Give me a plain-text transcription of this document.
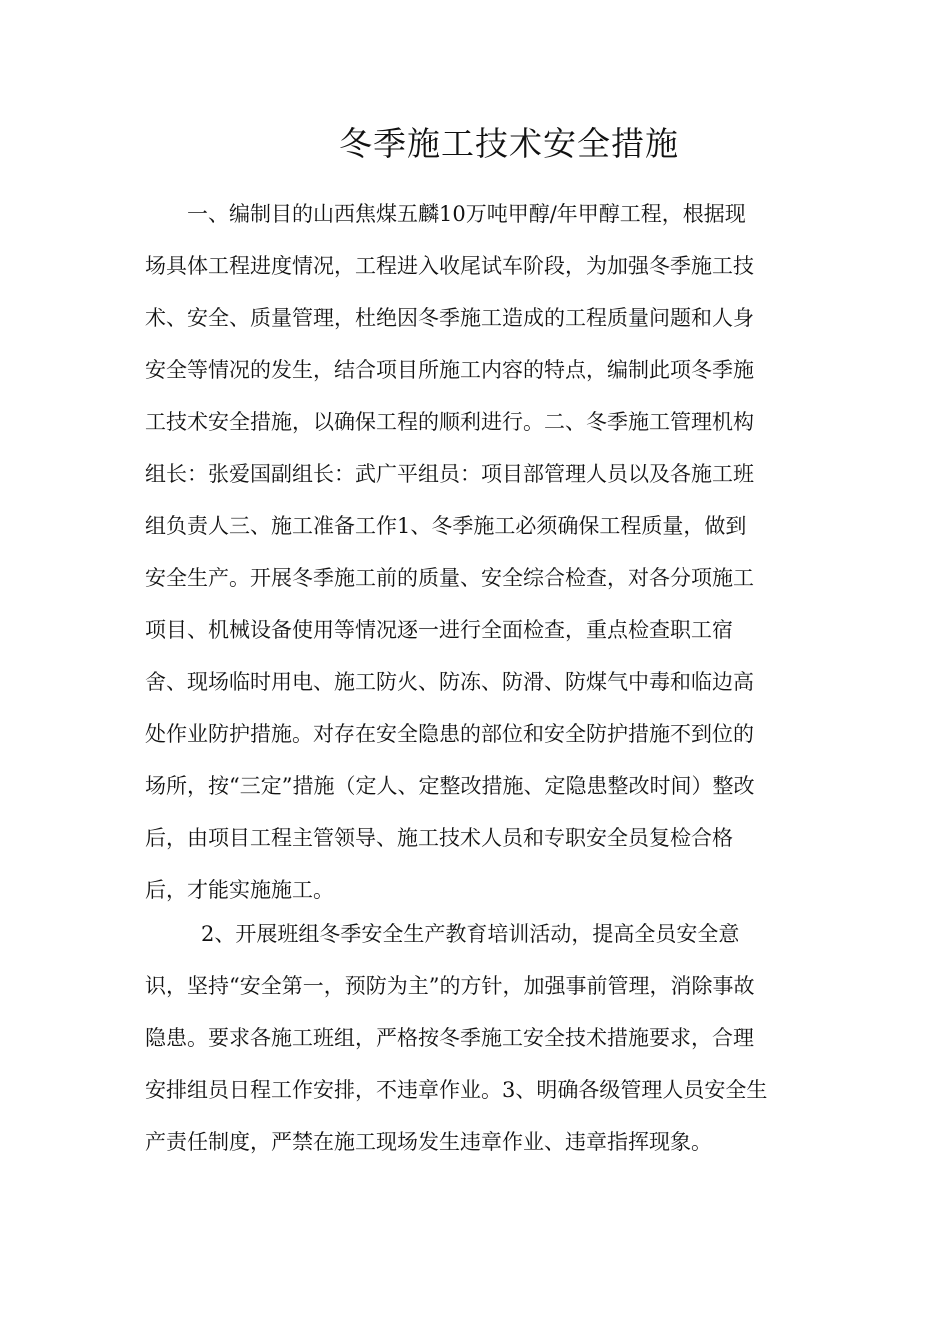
冬季施工技术安全措施
一、编制目的山西焦煤五麟10万吨甲醇/年甲醇工程，根据现
场具体工程进度情况，工程进入收尾试车阶段，为加强冬季施工技
术、安全、质量管理，杜绝因冬季施工造成的工程质量问题和人身
安全等情况的发生，结合项目所施工内容的特点，编制此项冬季施
工技术安全措施，以确保工程的顺利进行。二、冬季施工管理机构
组长：张爱国副组长：武广平组员：项目部管理人员以及各施工班
组负责人三、施工准备工作1、冬季施工必须确保工程质量，做到
安全生产。开展冬季施工前的质量、安全综合检查，对各分项施工
项目、机械设备使用等情况逐一进行全面检查，重点检查职工宿
舍、现场临时用电、施工防火、防冻、防滑、防煤气中毒和临边高
处作业防护措施。对存在安全隐患的部位和安全防护措施不到位的
场所，按“三定”措施（定人、定整改措施、定隐患整改时间）整改
后，由项目工程主管领导、施工技术人员和专职安全员复检合格
后，才能实施施工。
2、开展班组冬季安全生产教育培训活动，提高全员安全意
识，坚持“安全第一，预防为主”的方针，加强事前管理，消除事故
隐患。要求各施工班组，严格按冬季施工安全技术措施要求，合理
安排组员日程工作安排，不违章作业。3、明确各级管理人员安全生
产责任制度，严禁在施工现场发生违章作业、违章指挥现象。
